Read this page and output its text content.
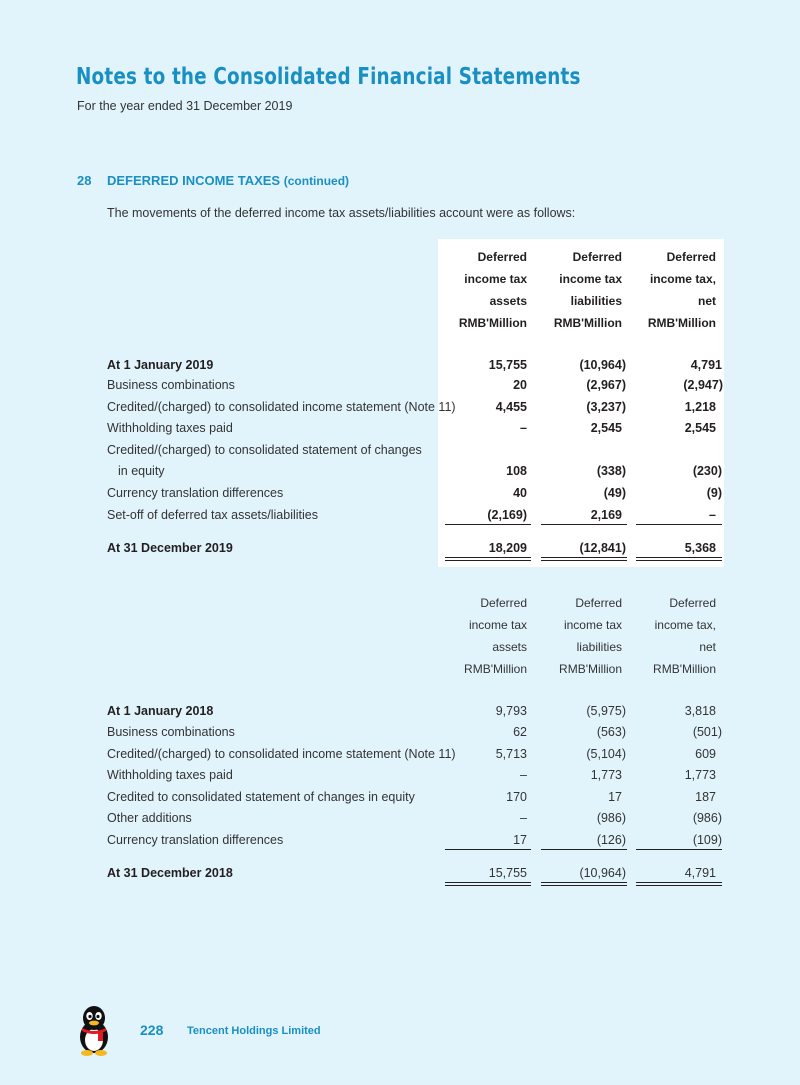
Notes to the Consolidated Financial Statements
For the year ended 31 December 2019
28 DEFERRED INCOME TAXES (continued)
The movements of the deferred income tax assets/liabilities account were as follows:
Deferred
income tax
assets
RMB'Million
Deferred
income tax
liabilities
RMB'Million
Deferred
income tax,
net
RMB'Million
At 1 January 2019	15,755	(10,964)	4,791
Business combinations	20	(2,967)	(2,947)
Credited/(charged) to consolidated income statement (Note 11)	4,455	(3,237)	1,218
Withholding taxes paid	–	2,545	2,545
Credited/(charged) to consolidated statement of changes
in equity	108	(338)	(230)
Currency translation differences	40	(49)	(9)
Set-off of deferred tax assets/liabilities	(2,169)	2,169	–
At 31 December 2019	18,209	(12,841)	5,368
Deferred
income tax
assets
RMB'Million
Deferred
income tax
liabilities
RMB'Million
Deferred
income tax,
net
RMB'Million
At 1 January 2018	9,793	(5,975)	3,818
Business combinations	62	(563)	(501)
Credited/(charged) to consolidated income statement (Note 11)	5,713	(5,104)	609
Withholding taxes paid	–	1,773	1,773
Credited to consolidated statement of changes in equity	170	17	187
Other additions	–	(986)	(986)
Currency translation differences	17	(126)	(109)
At 31 December 2018	15,755	(10,964)	4,791
228 Tencent Holdings Limited
